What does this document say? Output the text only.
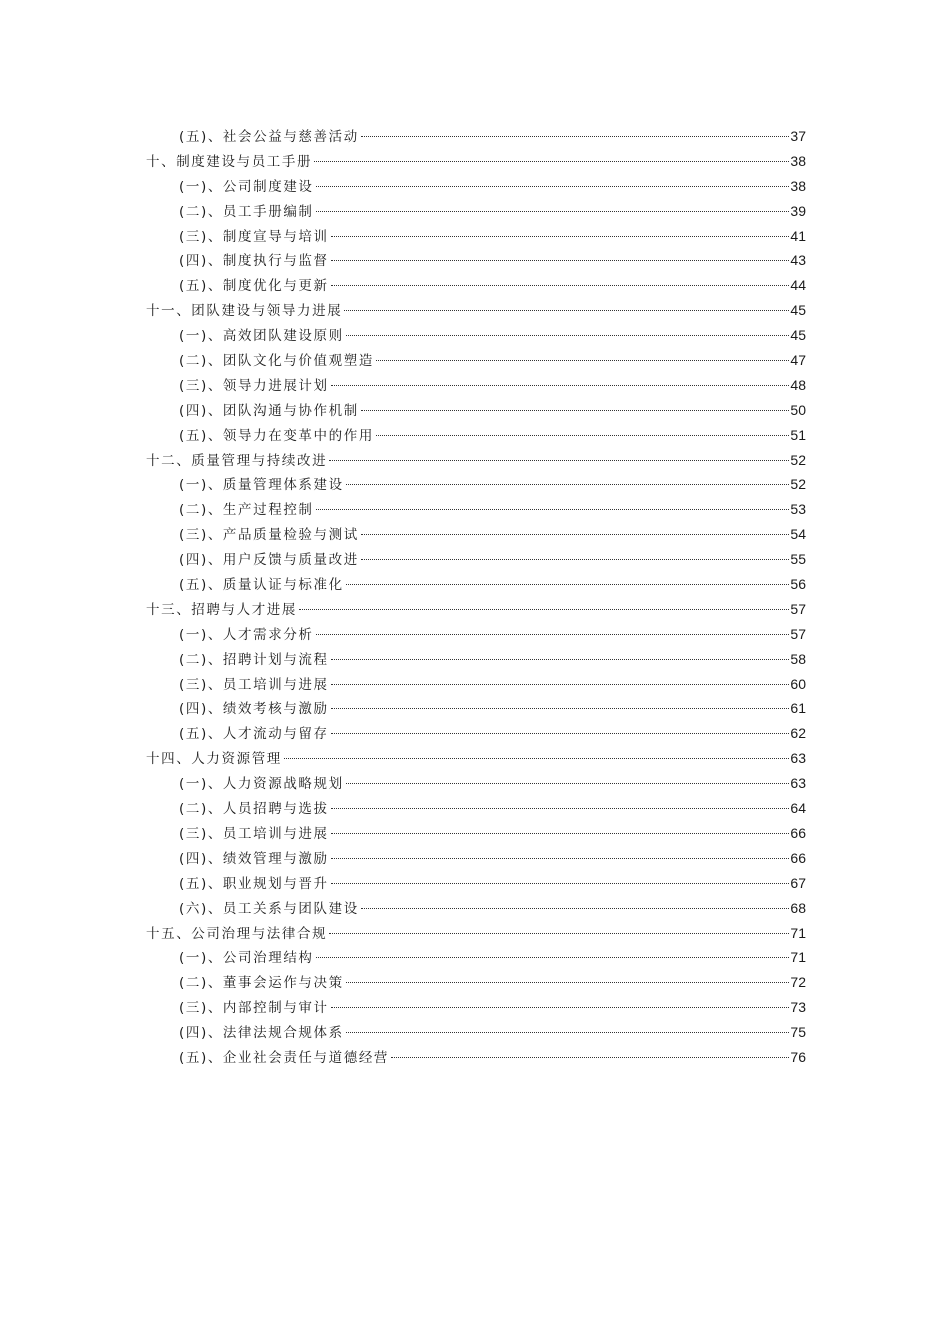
(五)、社会公益与慈善活动	37
十、制度建设与员工手册	38
(一)、公司制度建设	38
(二)、员工手册编制	39
(三)、制度宣导与培训	41
(四)、制度执行与监督	43
(五)、制度优化与更新	44
十一、团队建设与领导力进展	45
(一)、高效团队建设原则	45
(二)、团队文化与价值观塑造	47
(三)、领导力进展计划	48
(四)、团队沟通与协作机制	50
(五)、领导力在变革中的作用	51
十二、质量管理与持续改进	52
(一)、质量管理体系建设	52
(二)、生产过程控制	53
(三)、产品质量检验与测试	54
(四)、用户反馈与质量改进	55
(五)、质量认证与标准化	56
十三、招聘与人才进展	57
(一)、人才需求分析	57
(二)、招聘计划与流程	58
(三)、员工培训与进展	60
(四)、绩效考核与激励	61
(五)、人才流动与留存	62
十四、人力资源管理	63
(一)、人力资源战略规划	63
(二)、人员招聘与选拔	64
(三)、员工培训与进展	66
(四)、绩效管理与激励	66
(五)、职业规划与晋升	67
(六)、员工关系与团队建设	68
十五、公司治理与法律合规	71
(一)、公司治理结构	71
(二)、董事会运作与决策	72
(三)、内部控制与审计	73
(四)、法律法规合规体系	75
(五)、企业社会责任与道德经营	76
